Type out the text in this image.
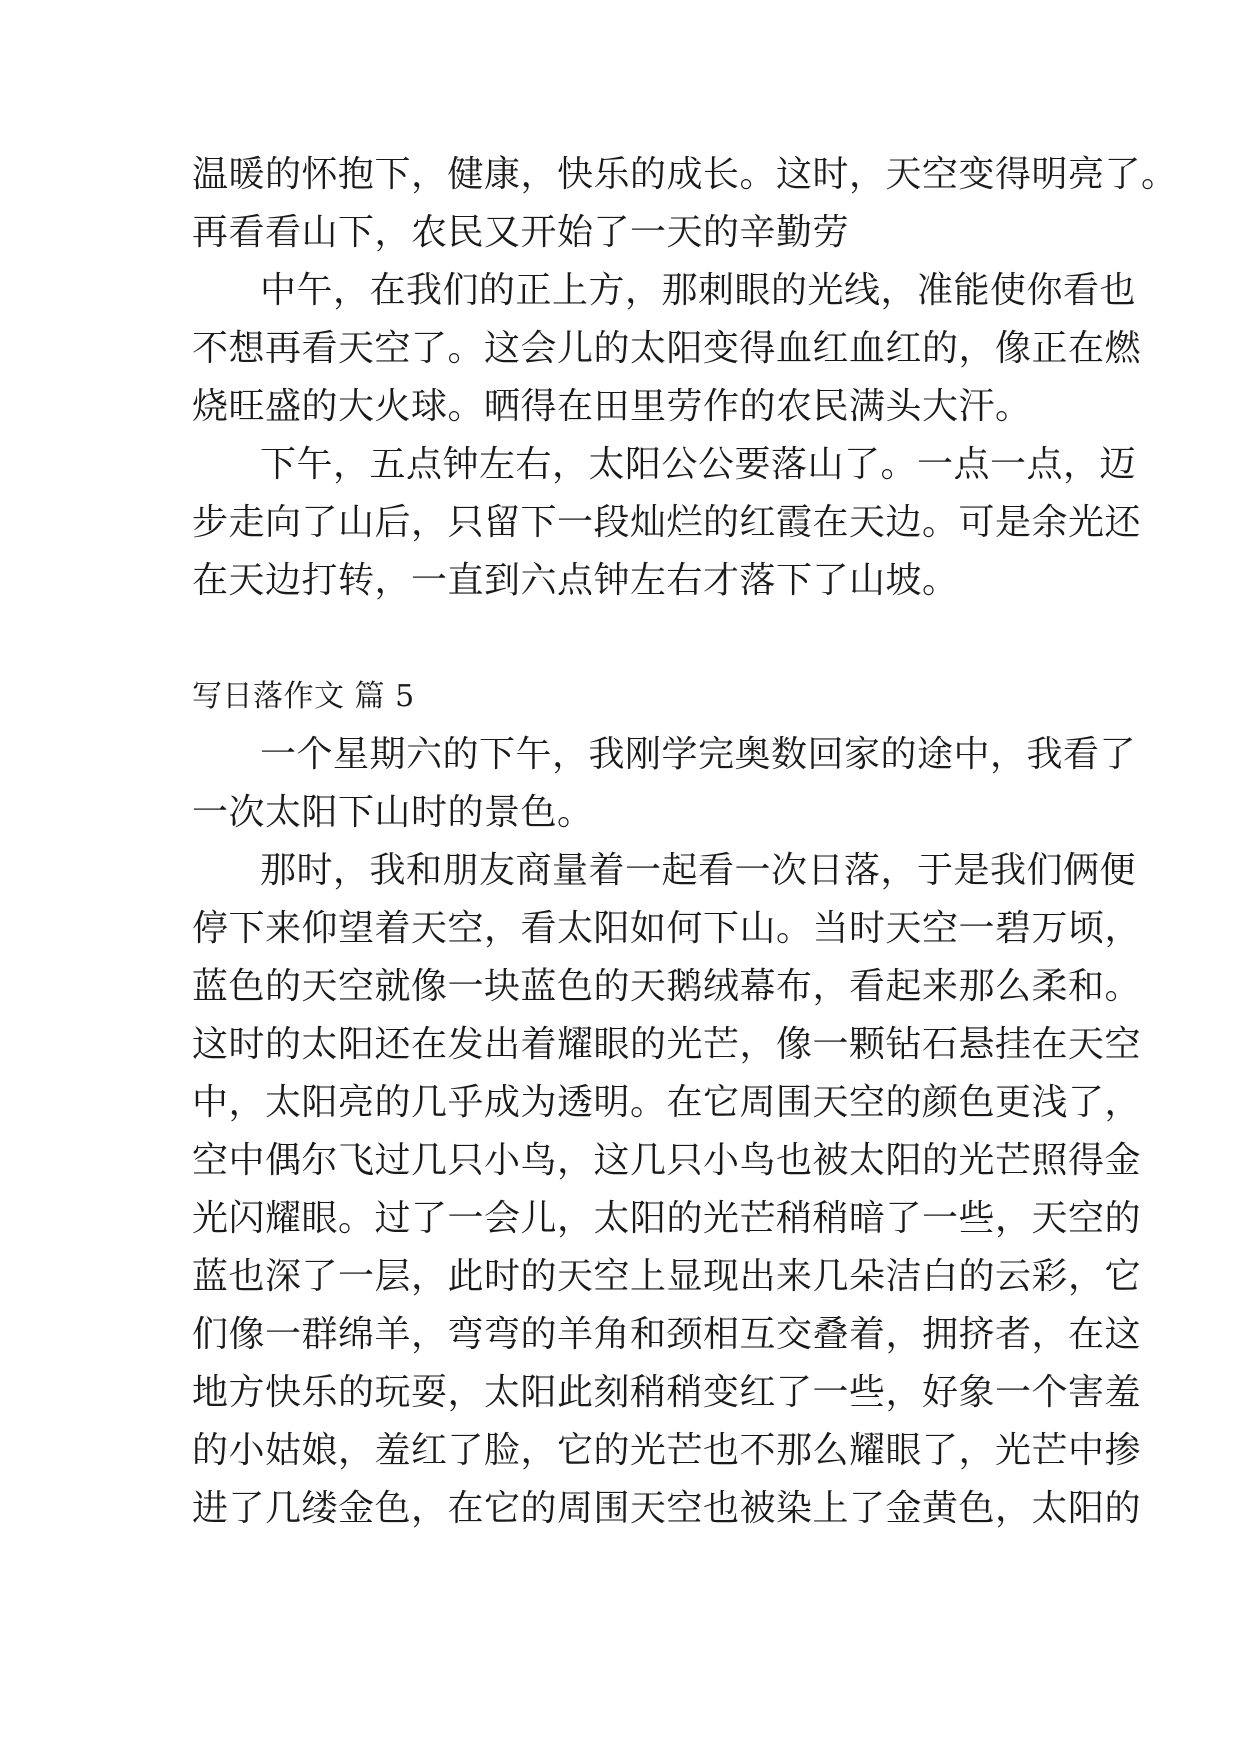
温暖的怀抱下，健康，快乐的成长。这时，天空变得明亮了。
再看看山下，农民又开始了一天的辛勤劳
中午，在我们的正上方，那刺眼的光线，准能使你看也
不想再看天空了。这会儿的太阳变得血红血红的，像正在燃
烧旺盛的大火球。晒得在田里劳作的农民满头大汗。
下午，五点钟左右，太阳公公要落山了。一点一点，迈
步走向了山后，只留下一段灿烂的红霞在天边。可是余光还
在天边打转，一直到六点钟左右才落下了山坡。
写日落作文 篇 5
一个星期六的下午，我刚学完奥数回家的途中，我看了
一次太阳下山时的景色。
那时，我和朋友商量着一起看一次日落，于是我们俩便
停下来仰望着天空，看太阳如何下山。当时天空一碧万顷，
蓝色的天空就像一块蓝色的天鹅绒幕布，看起来那么柔和。
这时的太阳还在发出着耀眼的光芒，像一颗钻石悬挂在天空
中，太阳亮的几乎成为透明。在它周围天空的颜色更浅了，
空中偶尔飞过几只小鸟，这几只小鸟也被太阳的光芒照得金
光闪耀眼。过了一会儿，太阳的光芒稍稍暗了一些，天空的
蓝也深了一层，此时的天空上显现出来几朵洁白的云彩，它
们像一群绵羊，弯弯的羊角和颈相互交叠着，拥挤者，在这
地方快乐的玩耍，太阳此刻稍稍变红了一些，好象一个害羞
的小姑娘，羞红了脸，它的光芒也不那么耀眼了，光芒中掺
进了几缕金色，在它的周围天空也被染上了金黄色，太阳的
